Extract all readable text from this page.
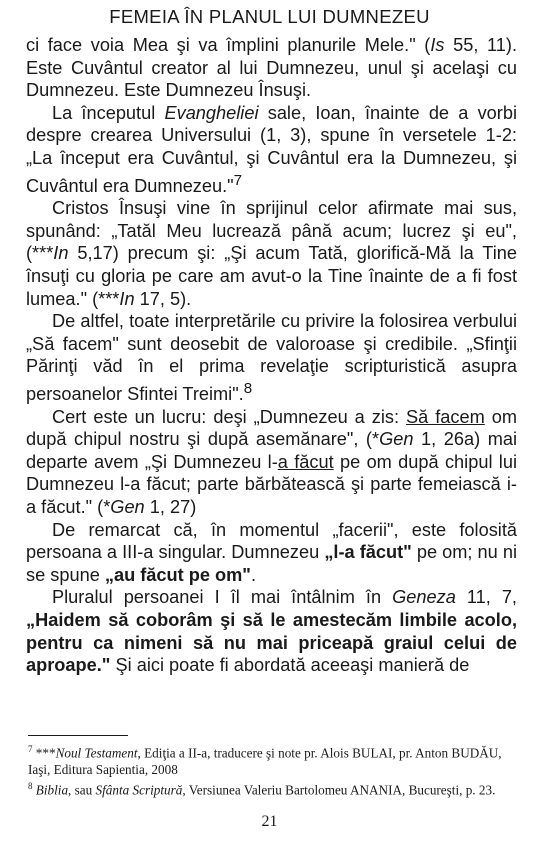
FEMEIA ÎN PLANUL LUI DUMNEZEU

ci face voia Mea şi va împlini planurile Mele." (Is 55, 11). Este Cuvântul creator al lui Dumnezeu, unul şi acelaşi cu Dumnezeu. Este Dumnezeu Însuşi.

La începutul Evangheliei sale, Ioan, înainte de a vorbi despre crearea Universului (1, 3), spune în versetele 1-2: „La început era Cuvântul, şi Cuvântul era la Dumnezeu, şi Cuvântul era Dumnezeu."$^7$

Cristos Însuşi vine în sprijinul celor afirmate mai sus, spunând: „Tatăl Meu lucrează până acum; lucrez şi eu", (***In 5,17) precum şi: „Şi acum Tată, glorifică-Mă la Tine însuţi cu gloria pe care am avut-o la Tine înainte de a fi fost lumea." (***In 17, 5).

De altfel, toate interpretările cu privire la folosirea verbului „Să facem" sunt deosebit de valoroase şi credibile. „Sfinţii Părinţi văd în el prima revelaţie scripturistică asupra persoanelor Sfintei Treimi".$^8$

Cert este un lucru: deşi „Dumnezeu a zis: Să facem om după chipul nostru şi după asemănare", (*Gen 1, 26a) mai departe avem „Şi Dumnezeu l-a făcut pe om după chipul lui Dumnezeu l-a făcut; parte bărbătească şi parte femeiască i-a făcut." (*Gen 1, 27)

De remarcat că, în momentul „facerii", este folosită persoana a III-a singular. Dumnezeu „l-a făcut" pe om; nu ni se spune „au făcut pe om".

Pluralul persoanei I îl mai întâlnim în Geneza 11, 7, „Haidem să coborâm şi să le amestecăm limbile acolo, pentru ca nimeni să nu mai priceapă graiul celui de aproape." Şi aici poate fi abordată aceeaşi manieră de

$^7$ ***Noul Testament, Ediţia a II-a, traducere şi note pr. Alois BULAI, pr. Anton BUDĂU, Iaşi, Editura Sapientia, 2008

$^8$ Biblia, sau Sfânta Scriptură, Versiunea Valeriu Bartolomeu ANANIA, Bucureşti, p. 23.

21
